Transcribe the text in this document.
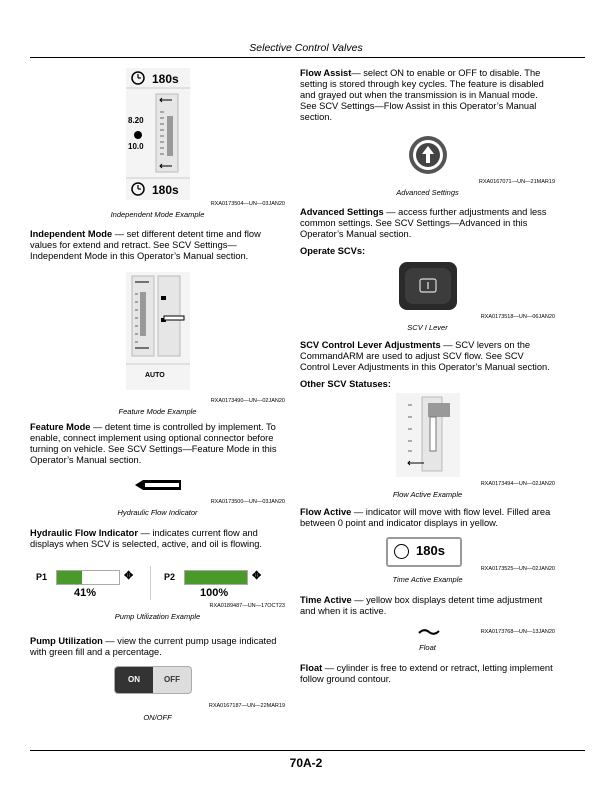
Selective Control Valves
180s
180s
8.20
10.0
RXA0173504—UN—03JAN20
Independent Mode Example

Independent Mode — set different detent time and flow values for extend and retract. See SCV Settings—Independent Mode in this Operator’s Manual section.

AUTO
RXA0173490—UN—02JAN20
Feature Mode Example

Feature Mode — detent time is controlled by implement. To enable, connect implement using optional connector before turning on vehicle. See SCV Settings—Feature Mode in this Operator’s Manual section.

RXA0173500—UN—03JAN20
Hydraulic Flow Indicator

Hydraulic Flow Indicator — indicates current flow and displays when SCV is selected, active, and oil is flowing.

P1	✥
41%
P2	✥
100%
RXA0189487—UN—17OCT23
Pump Utilization Example

Pump Utilization — view the current pump usage indicated with green fill and a percentage.

ON	OFF
RXA0167187—UN—22MAR19
ON/OFF

Flow Assist— select ON to enable or OFF to disable. The setting is stored through key cycles. The feature is disabled and grayed out when the transmission is in Manual mode. See SCV Settings—Flow Assist in this Operator’s Manual section.

RXA0167071—UN—21MAR19
Advanced Settings

Advanced Settings — access further adjustments and less common settings. See SCV Settings—Advanced in this Operator’s Manual section.

Operate SCVs:
RXA0173518—UN—06JAN20
SCV I Lever

SCV Control Lever Adjustments — SCV levers on the CommandARM are used to adjust SCV flow. See SCV Control Lever Adjustments in this Operator’s Manual section.

Other SCV Statuses:
RXA0173494—UN—02JAN20
Flow Active Example

Flow Active — indicator will move with flow level. Filled area between 0 point and indicator displays in yellow.

180s
RXA0173525—UN—02JAN20
Time Active Example

Time Active — yellow box displays detent time adjustment and when it is active.

RXA0173768—UN—13JAN20
Float

Float — cylinder is free to extend or retract, letting implement follow ground contour.

70A-2
